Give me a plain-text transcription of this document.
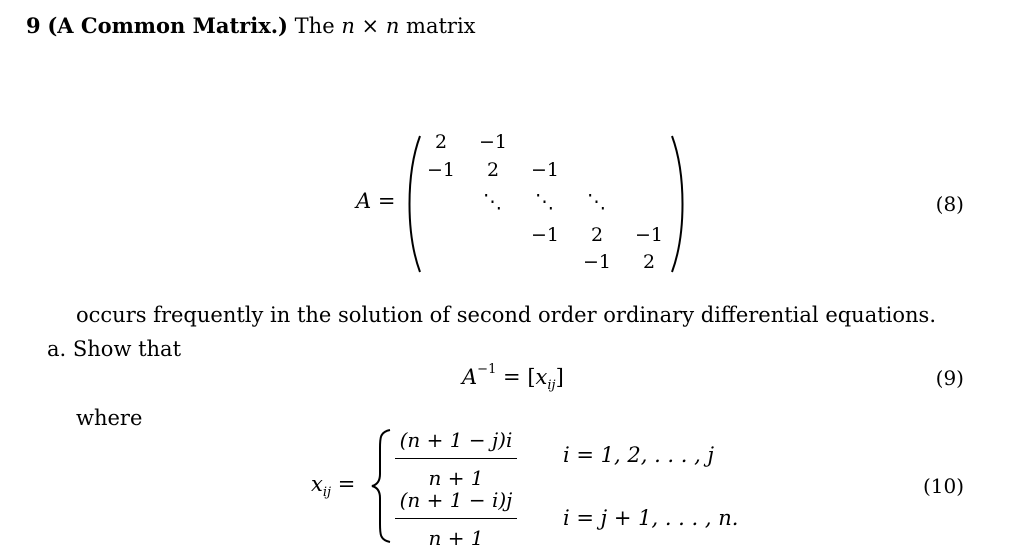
9 (A Common Matrix.) The n × n matrix
A =
2 −1
−1 2 −1
⋱ ⋱ ⋱
−1 2 −1
−1 2
(8)
occurs frequently in the solution of second order ordinary differential equations.
a. Show that
$A^{-1} = [x_{ij}]$	(9)
where
$x_{ij}$ =
(n + 1 − j)i
n + 1
i = 1, 2, . . . , j
(n + 1 − i)j
n + 1
i = j + 1, . . . , n.
(10)
